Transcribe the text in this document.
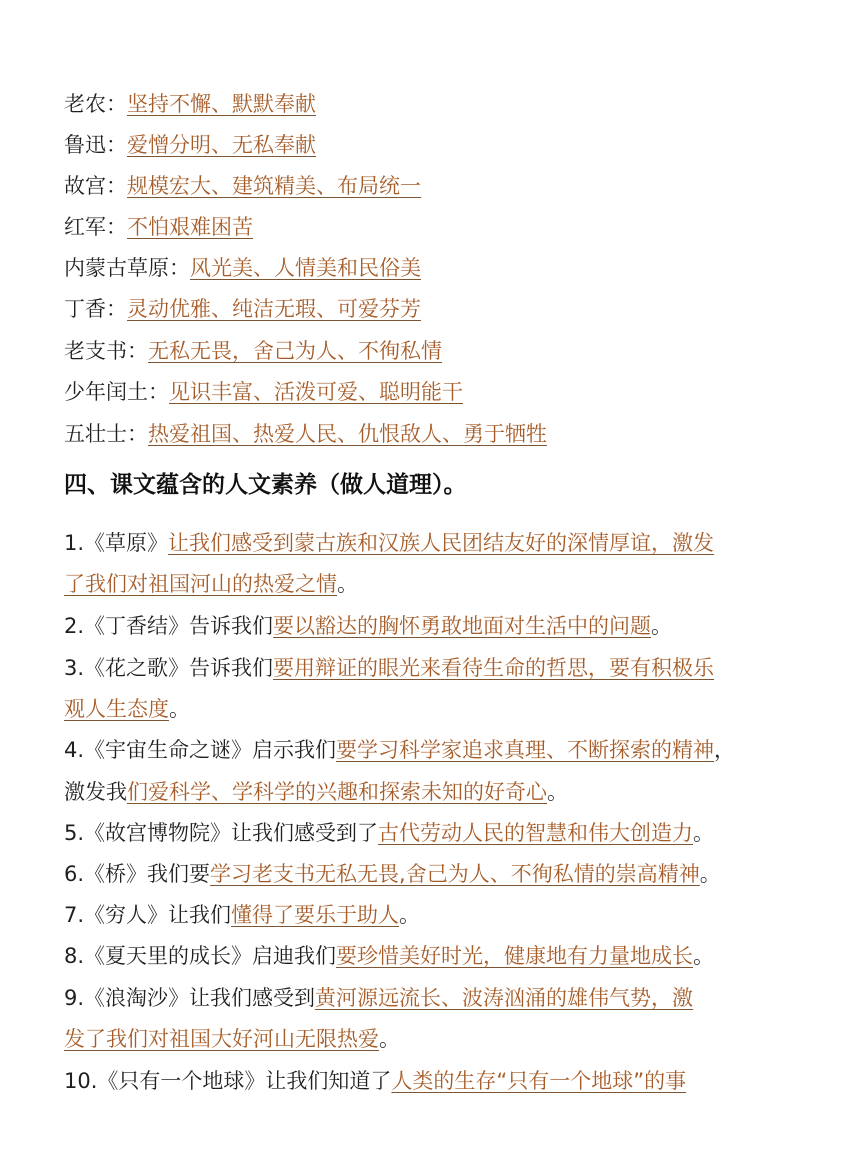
老农：坚持不懈、默默奉献
鲁迅：爱憎分明、无私奉献
故宫：规模宏大、建筑精美、布局统一
红军：不怕艰难困苦
内蒙古草原：风光美、人情美和民俗美
丁香：灵动优雅、纯洁无瑕、可爱芬芳
老支书：无私无畏，舍己为人、不徇私情
少年闰土：见识丰富、活泼可爱、聪明能干
五壮士：热爱祖国、热爱人民、仇恨敌人、勇于牺牲
四、课文蕴含的人文素养（做人道理）。
1.《草原》让我们感受到蒙古族和汉族人民团结友好的深情厚谊，激发
了我们对祖国河山的热爱之情。
2.《丁香结》告诉我们要以豁达的胸怀勇敢地面对生活中的问题。
3.《花之歌》告诉我们要用辩证的眼光来看待生命的哲思，要有积极乐
观人生态度。
4.《宇宙生命之谜》启示我们要学习科学家追求真理、不断探索的精神，
激发我们爱科学、学科学的兴趣和探索未知的好奇心。
5.《故宫博物院》让我们感受到了古代劳动人民的智慧和伟大创造力。
6.《桥》我们要学习老支书无私无畏,舍己为人、不徇私情的崇高精神。
7.《穷人》让我们懂得了要乐于助人。
8.《夏天里的成长》启迪我们要珍惜美好时光，健康地有力量地成长。
9.《浪淘沙》让我们感受到黄河源远流长、波涛汹涌的雄伟气势，激
发了我们对祖国大好河山无限热爱。
10.《只有一个地球》让我们知道了人类的生存“只有一个地球”的事
